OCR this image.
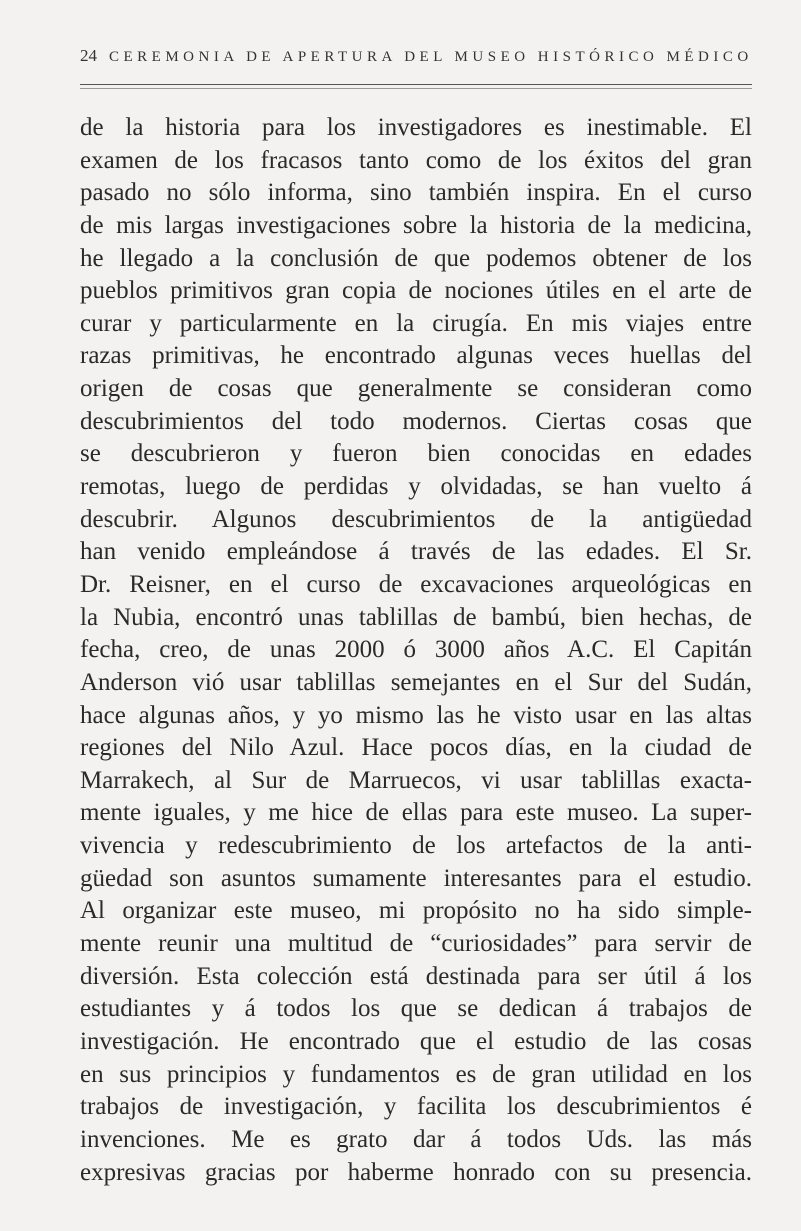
24 CEREMONIA DE APERTURA DEL MUSEO HISTÓRICO MÉDICO
de la historia para los investigadores es inestimable. El
examen de los fracasos tanto como de los éxitos del gran
pasado no sólo informa, sino también inspira. En el curso
de mis largas investigaciones sobre la historia de la medicina,
he llegado a la conclusión de que podemos obtener de los
pueblos primitivos gran copia de nociones útiles en el arte de
curar y particularmente en la cirugía. En mis viajes entre
razas primitivas, he encontrado algunas veces huellas del
origen de cosas que generalmente se consideran como
descubrimientos del todo modernos. Ciertas cosas que
se descubrieron y fueron bien conocidas en edades
remotas, luego de perdidas y olvidadas, se han vuelto á
descubrir. Algunos descubrimientos de la antigüedad
han venido empleándose á través de las edades. El Sr.
Dr. Reisner, en el curso de excavaciones arqueológicas en
la Nubia, encontró unas tablillas de bambú, bien hechas, de
fecha, creo, de unas 2000 ó 3000 años A.C. El Capitán
Anderson vió usar tablillas semejantes en el Sur del Sudán,
hace algunas años, y yo mismo las he visto usar en las altas
regiones del Nilo Azul. Hace pocos días, en la ciudad de
Marrakech, al Sur de Marruecos, vi usar tablillas exacta-
mente iguales, y me hice de ellas para este museo. La super-
vivencia y redescubrimiento de los artefactos de la anti-
güedad son asuntos sumamente interesantes para el estudio.
Al organizar este museo, mi propósito no ha sido simple-
mente reunir una multitud de “curiosidades” para servir de
diversión. Esta colección está destinada para ser útil á los
estudiantes y á todos los que se dedican á trabajos de
investigación. He encontrado que el estudio de las cosas
en sus principios y fundamentos es de gran utilidad en los
trabajos de investigación, y facilita los descubrimientos é
invenciones. Me es grato dar á todos Uds. las más
expresivas gracias por haberme honrado con su presencia.
